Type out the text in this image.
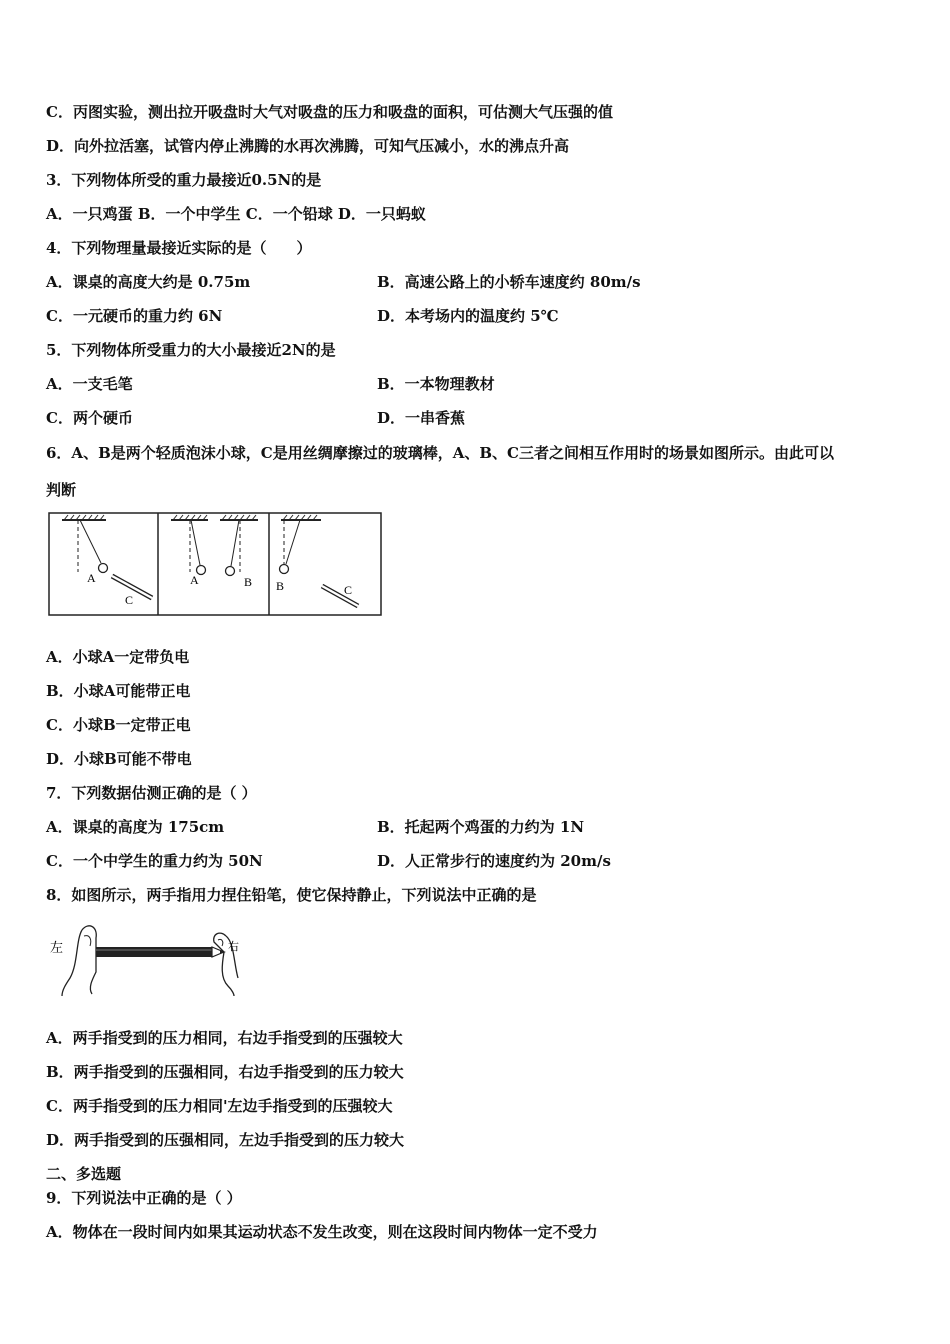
C．丙图实验，测出拉开吸盘时大气对吸盘的压力和吸盘的面积，可估测大气压强的值
D．向外拉活塞，试管内停止沸腾的水再次沸腾，可知气压减小，水的沸点升高
3．下列物体所受的重力最接近0.5N的是
A．一只鸡蛋 B．一个中学生 C．一个铅球 D．一只蚂蚁
4．下列物理量最接近实际的是（　　）
A．课桌的高度大约是 0.75m	B．高速公路上的小轿车速度约 80m/s
C．一元硬币的重力约 6N	D．本考场内的温度约 5℃
5．下列物体所受重力的大小最接近2N的是
A．一支毛笔	B．一本物理教材
C．两个硬币	D．一串香蕉
6．A、B是两个轻质泡沫小球，C是用丝绸摩擦过的玻璃棒，A、B、C三者之间相互作用时的场景如图所示。由此可以
判断
A
C
A	B B	C
A．小球A一定带负电
B．小球A可能带正电
C．小球B一定带正电
D．小球B可能不带电
7．下列数据估测正确的是（ ）
A．课桌的高度为 175cm	B．托起两个鸡蛋的力约为 1N
C．一个中学生的重力约为 50N	D．人正常步行的速度约为 20m/s
8．如图所示，两手指用力捏住铅笔，使它保持静止，下列说法中正确的是
左	右
A．两手指受到的压力相同，右边手指受到的压强较大
B．两手指受到的压强相同，右边手指受到的压力较大
C．两手指受到的压力相同'左边手指受到的压强较大
D．两手指受到的压强相同，左边手指受到的压力较大
二、多选题
9．下列说法中正确的是（ ）
A．物体在一段时间内如果其运动状态不发生改变，则在这段时间内物体一定不受力
